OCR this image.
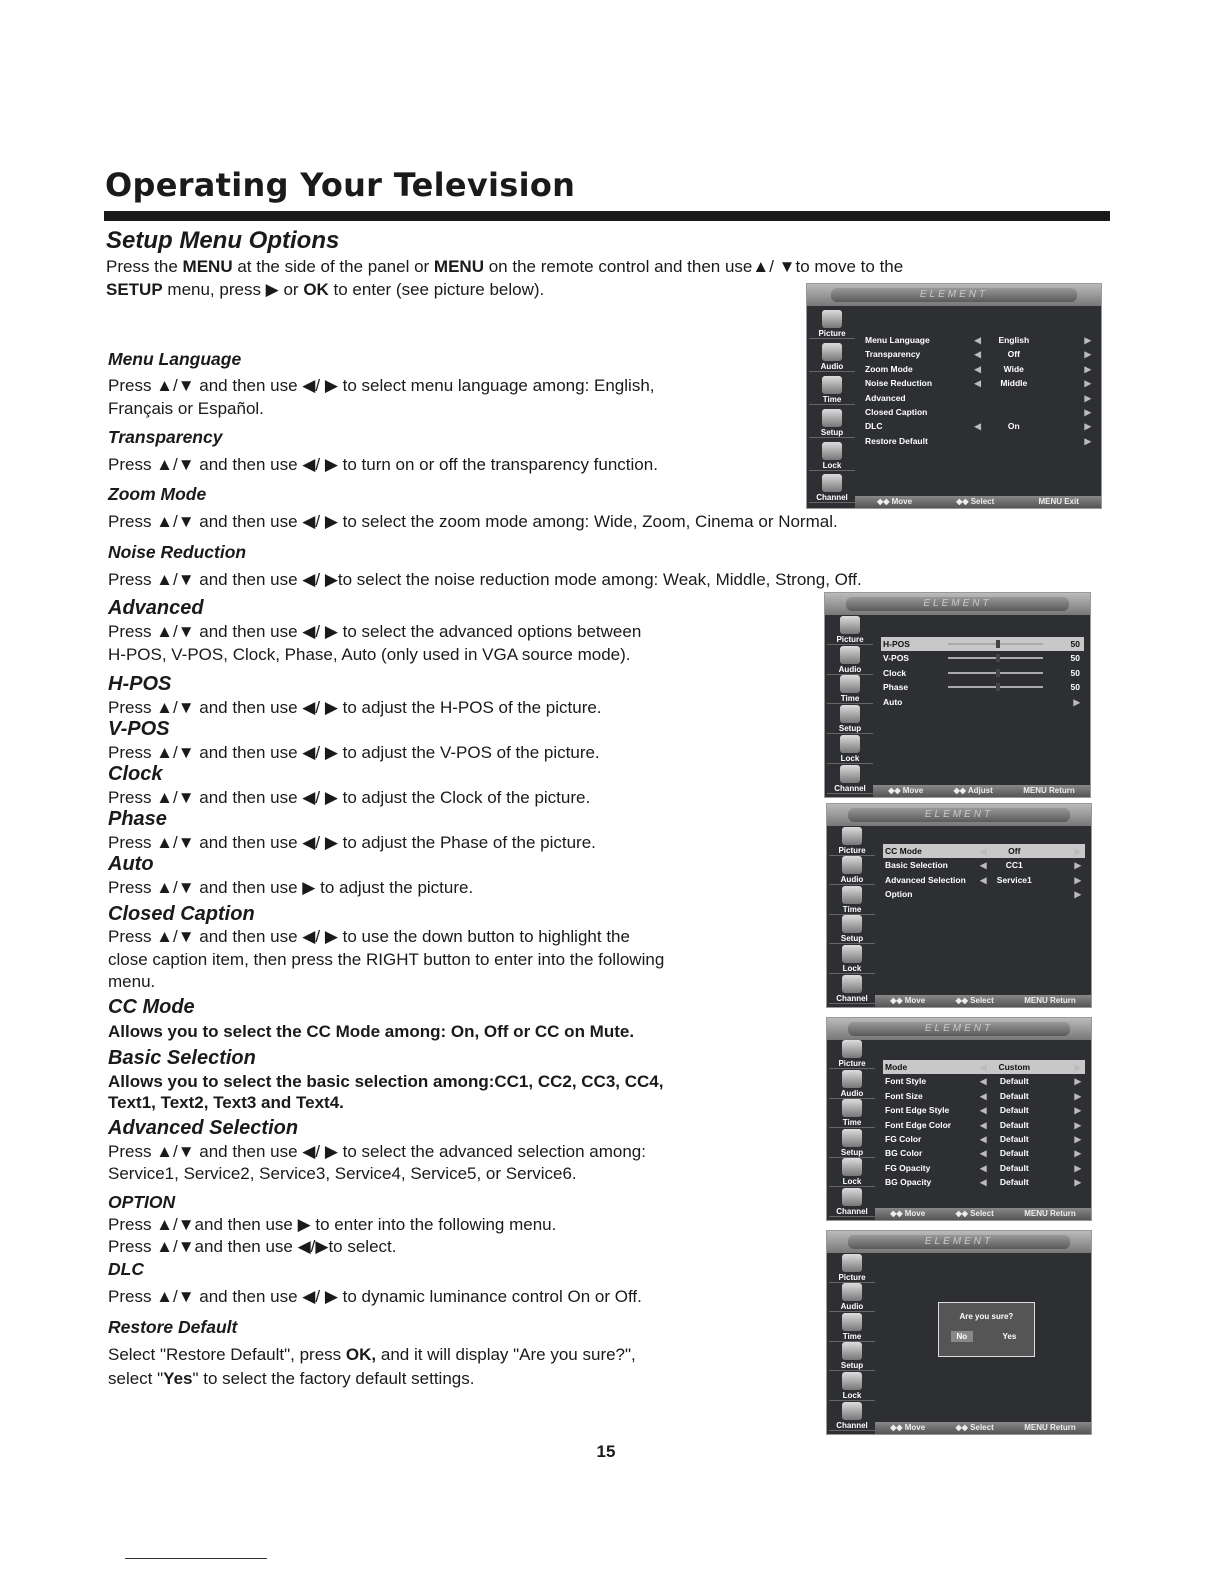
Operating Your Television
Setup Menu Options
Press the MENU at the side of the panel or MENU on the remote control and then use▲/ ▼to move to the
SETUP menu, press ▶ or OK to enter (see picture below).
Menu Language
Press ▲/▼ and then use ◀/ ▶ to select menu language among: English,
Français or Español.
Transparency
Press ▲/▼ and then use ◀/ ▶ to turn on or off the transparency function.
Zoom Mode
Press ▲/▼ and then use ◀/ ▶ to select the zoom mode among: Wide, Zoom, Cinema or Normal.
Noise Reduction
Press ▲/▼ and then use ◀/ ▶to select the noise reduction mode among: Weak, Middle, Strong, Off.
Advanced
Press ▲/▼ and then use ◀/ ▶ to select the advanced options between
H-POS, V-POS, Clock, Phase, Auto (only used in VGA source mode).
H-POS
Press ▲/▼ and then use ◀/ ▶ to adjust the H-POS of the picture.
V-POS
Press ▲/▼ and then use ◀/ ▶ to adjust the V-POS of the picture.
Clock
Press ▲/▼ and then use ◀/ ▶ to adjust the Clock of the picture.
Phase
Press ▲/▼ and then use ◀/ ▶ to adjust the Phase of the picture.
Auto
Press ▲/▼ and then use ▶ to adjust the picture.
Closed Caption
Press ▲/▼ and then use ◀/ ▶ to use the down button to highlight the
close caption item, then press the RIGHT button to enter into the following
menu.
CC Mode
Allows you to select the CC Mode among: On, Off or CC on Mute.
Basic Selection
Allows you to select the basic selection among:CC1, CC2, CC3, CC4,
Text1, Text2, Text3 and Text4.
Advanced Selection
Press ▲/▼ and then use ◀/ ▶ to select the advanced selection among:
Service1, Service2, Service3, Service4, Service5, or Service6.
OPTION
Press ▲/▼and then use ▶ to enter into the following menu.
Press ▲/▼and then use ◀/▶to select.
DLC
Press ▲/▼ and then use ◀/ ▶ to dynamic luminance control On or Off.
Restore Default
Select "Restore Default", press OK, and it will display "Are you sure?",
select "Yes" to select the factory default settings.
ELEMENT
Picture
Audio
Time
Setup
Lock
Channel
Menu Language	◀	English	▶
Transparency	◀	Off	▶
Zoom Mode	◀	Wide	▶
Noise Reduction	◀	Middle	▶
Advanced	▶
Closed Caption	▶
DLC	◀	On	▶
Restore Default	▶
◆◆ Move	◆◆ Select	MENU Exit
ELEMENT
Picture
Audio
Time
Setup
Lock
Channel
H-POS	50
V-POS	50
Clock	50
Phase	50
Auto	▶
◆◆ Move	◆◆ Adjust	MENU Return
ELEMENT
Picture
Audio
Time
Setup
Lock
Channel
CC Mode	◀	Off	▶
Basic Selection	◀	CC1	▶
Advanced Selection ◀	Service1	▶
Option	▶
◆◆ Move	◆◆ Select	MENU Return
ELEMENT
Picture
Audio
Time
Setup
Lock
Channel
Mode	◀	Custom	▶
Font Style	◀	Default	▶
Font Size	◀	Default	▶
Font Edge Style	◀	Default	▶
Font Edge Color	◀	Default	▶
FG Color	◀	Default	▶
BG Color	◀	Default	▶
FG Opacity	◀	Default	▶
BG Opacity	◀	Default	▶
◆◆ Move	◆◆ Select	MENU Return
ELEMENT
Picture
Audio
Time
Setup
Lock
Channel
Are you sure?
No	Yes
◆◆ Move	◆◆ Select	MENU Return
15
